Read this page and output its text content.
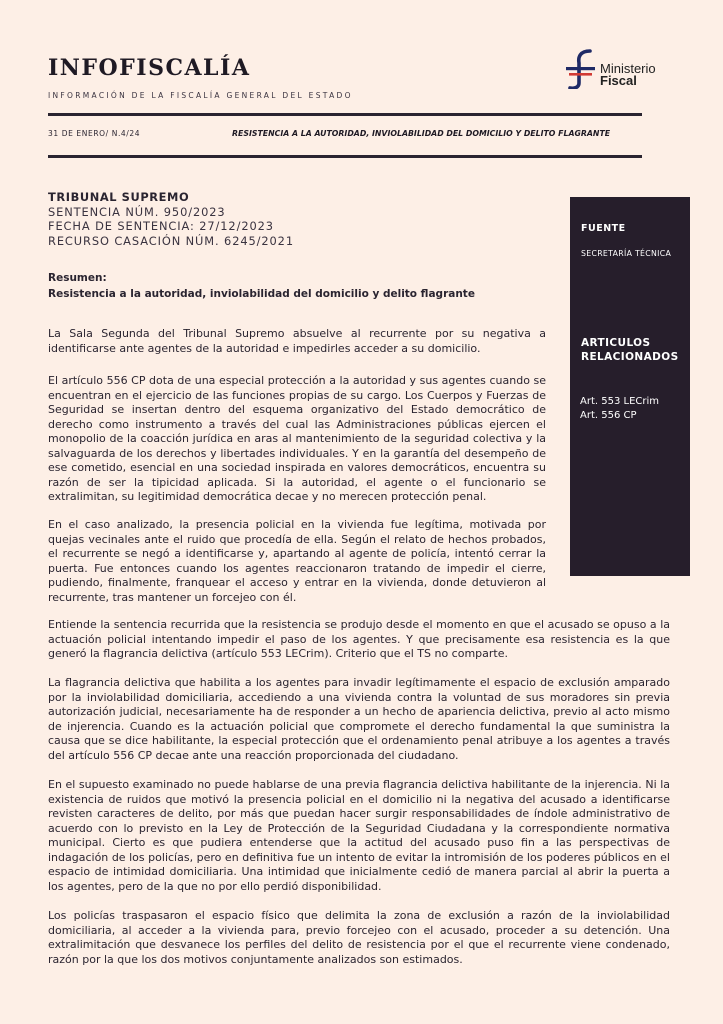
INFOFISCALÍA
INFORMACIÓN DE LA FISCALÍA GENERAL DEL ESTADO
Ministerio
Fiscal
31 DE ENERO/ N.4/24	RESISTENCIA A LA AUTORIDAD, INVIOLABILIDAD DEL DOMICILIO Y DELITO FLAGRANTE
TRIBUNAL SUPREMO
SENTENCIA NÚM. 950/2023
FECHA DE SENTENCIA: 27/12/2023
RECURSO CASACIÓN NÚM. 6245/2021
Resumen:
Resistencia a la autoridad, inviolabilidad del domicilio y delito flagrante
FUENTE
SECRETARÍA TÉCNICA
ARTICULOS
RELACIONADOS
Art. 553 LECrim
Art. 556 CP

La Sala Segunda del Tribunal Supremo absuelve al recurrente por su negativa a identificarse ante agentes de la autoridad e impedirles acceder a su domicilio.

El artículo 556 CP dota de una especial protección a la autoridad y sus agentes cuando se encuentran en el ejercicio de las funciones propias de su cargo. Los Cuerpos y Fuerzas de Seguridad se insertan dentro del esquema organizativo del Estado democrático de derecho como instrumento a través del cual las Administraciones públicas ejercen el monopolio de la coacción jurídica en aras al mantenimiento de la seguridad colectiva y la salvaguarda de los derechos y libertades individuales. Y en la garantía del desempeño de ese cometido, esencial en una sociedad inspirada en valores democráticos, encuentra su razón de ser la tipicidad aplicada. Si la autoridad, el agente o el funcionario se extralimitan, su legitimidad democrática decae y no merecen protección penal.

En el caso analizado, la presencia policial en la vivienda fue legítima, motivada por quejas vecinales ante el ruido que procedía de ella. Según el relato de hechos probados, el recurrente se negó a identificarse y, apartando al agente de policía, intentó cerrar la puerta. Fue entonces cuando los agentes reaccionaron tratando de impedir el cierre, pudiendo, finalmente, franquear el acceso y entrar en la vivienda, donde detuvieron al recurrente, tras mantener un forcejeo con él.

Entiende la sentencia recurrida que la resistencia se produjo desde el momento en que el acusado se opuso a la actuación policial intentando impedir el paso de los agentes. Y que precisamente esa resistencia es la que generó la flagrancia delictiva (artículo 553 LECrim). Criterio que el TS no comparte.

La flagrancia delictiva que habilita a los agentes para invadir legítimamente el espacio de exclusión amparado por la inviolabilidad domiciliaria, accediendo a una vivienda contra la voluntad de sus moradores sin previa autorización judicial, necesariamente ha de responder a un hecho de apariencia delictiva, previo al acto mismo de injerencia. Cuando es la actuación policial que compromete el derecho fundamental la que suministra la causa que se dice habilitante, la especial protección que el ordenamiento penal atribuye a los agentes a través del artículo 556 CP decae ante una reacción proporcionada del ciudadano.

En el supuesto examinado no puede hablarse de una previa flagrancia delictiva habilitante de la injerencia. Ni la existencia de ruidos que motivó la presencia policial en el domicilio ni la negativa del acusado a identificarse revisten caracteres de delito, por más que puedan hacer surgir responsabilidades de índole administrativo de acuerdo con lo previsto en la Ley de Protección de la Seguridad Ciudadana y la correspondiente normativa municipal. Cierto es que pudiera entenderse que la actitud del acusado puso fin a las perspectivas de indagación de los policías, pero en definitiva fue un intento de evitar la intromisión de los poderes públicos en el espacio de intimidad domiciliaria. Una intimidad que inicialmente cedió de manera parcial al abrir la puerta a los agentes, pero de la que no por ello perdió disponibilidad.

Los policías traspasaron el espacio físico que delimita la zona de exclusión a razón de la inviolabilidad domiciliaria, al acceder a la vivienda para, previo forcejeo con el acusado, proceder a su detención. Una extralimitación que desvanece los perfiles del delito de resistencia por el que el recurrente viene condenado, razón por la que los dos motivos conjuntamente analizados son estimados.
